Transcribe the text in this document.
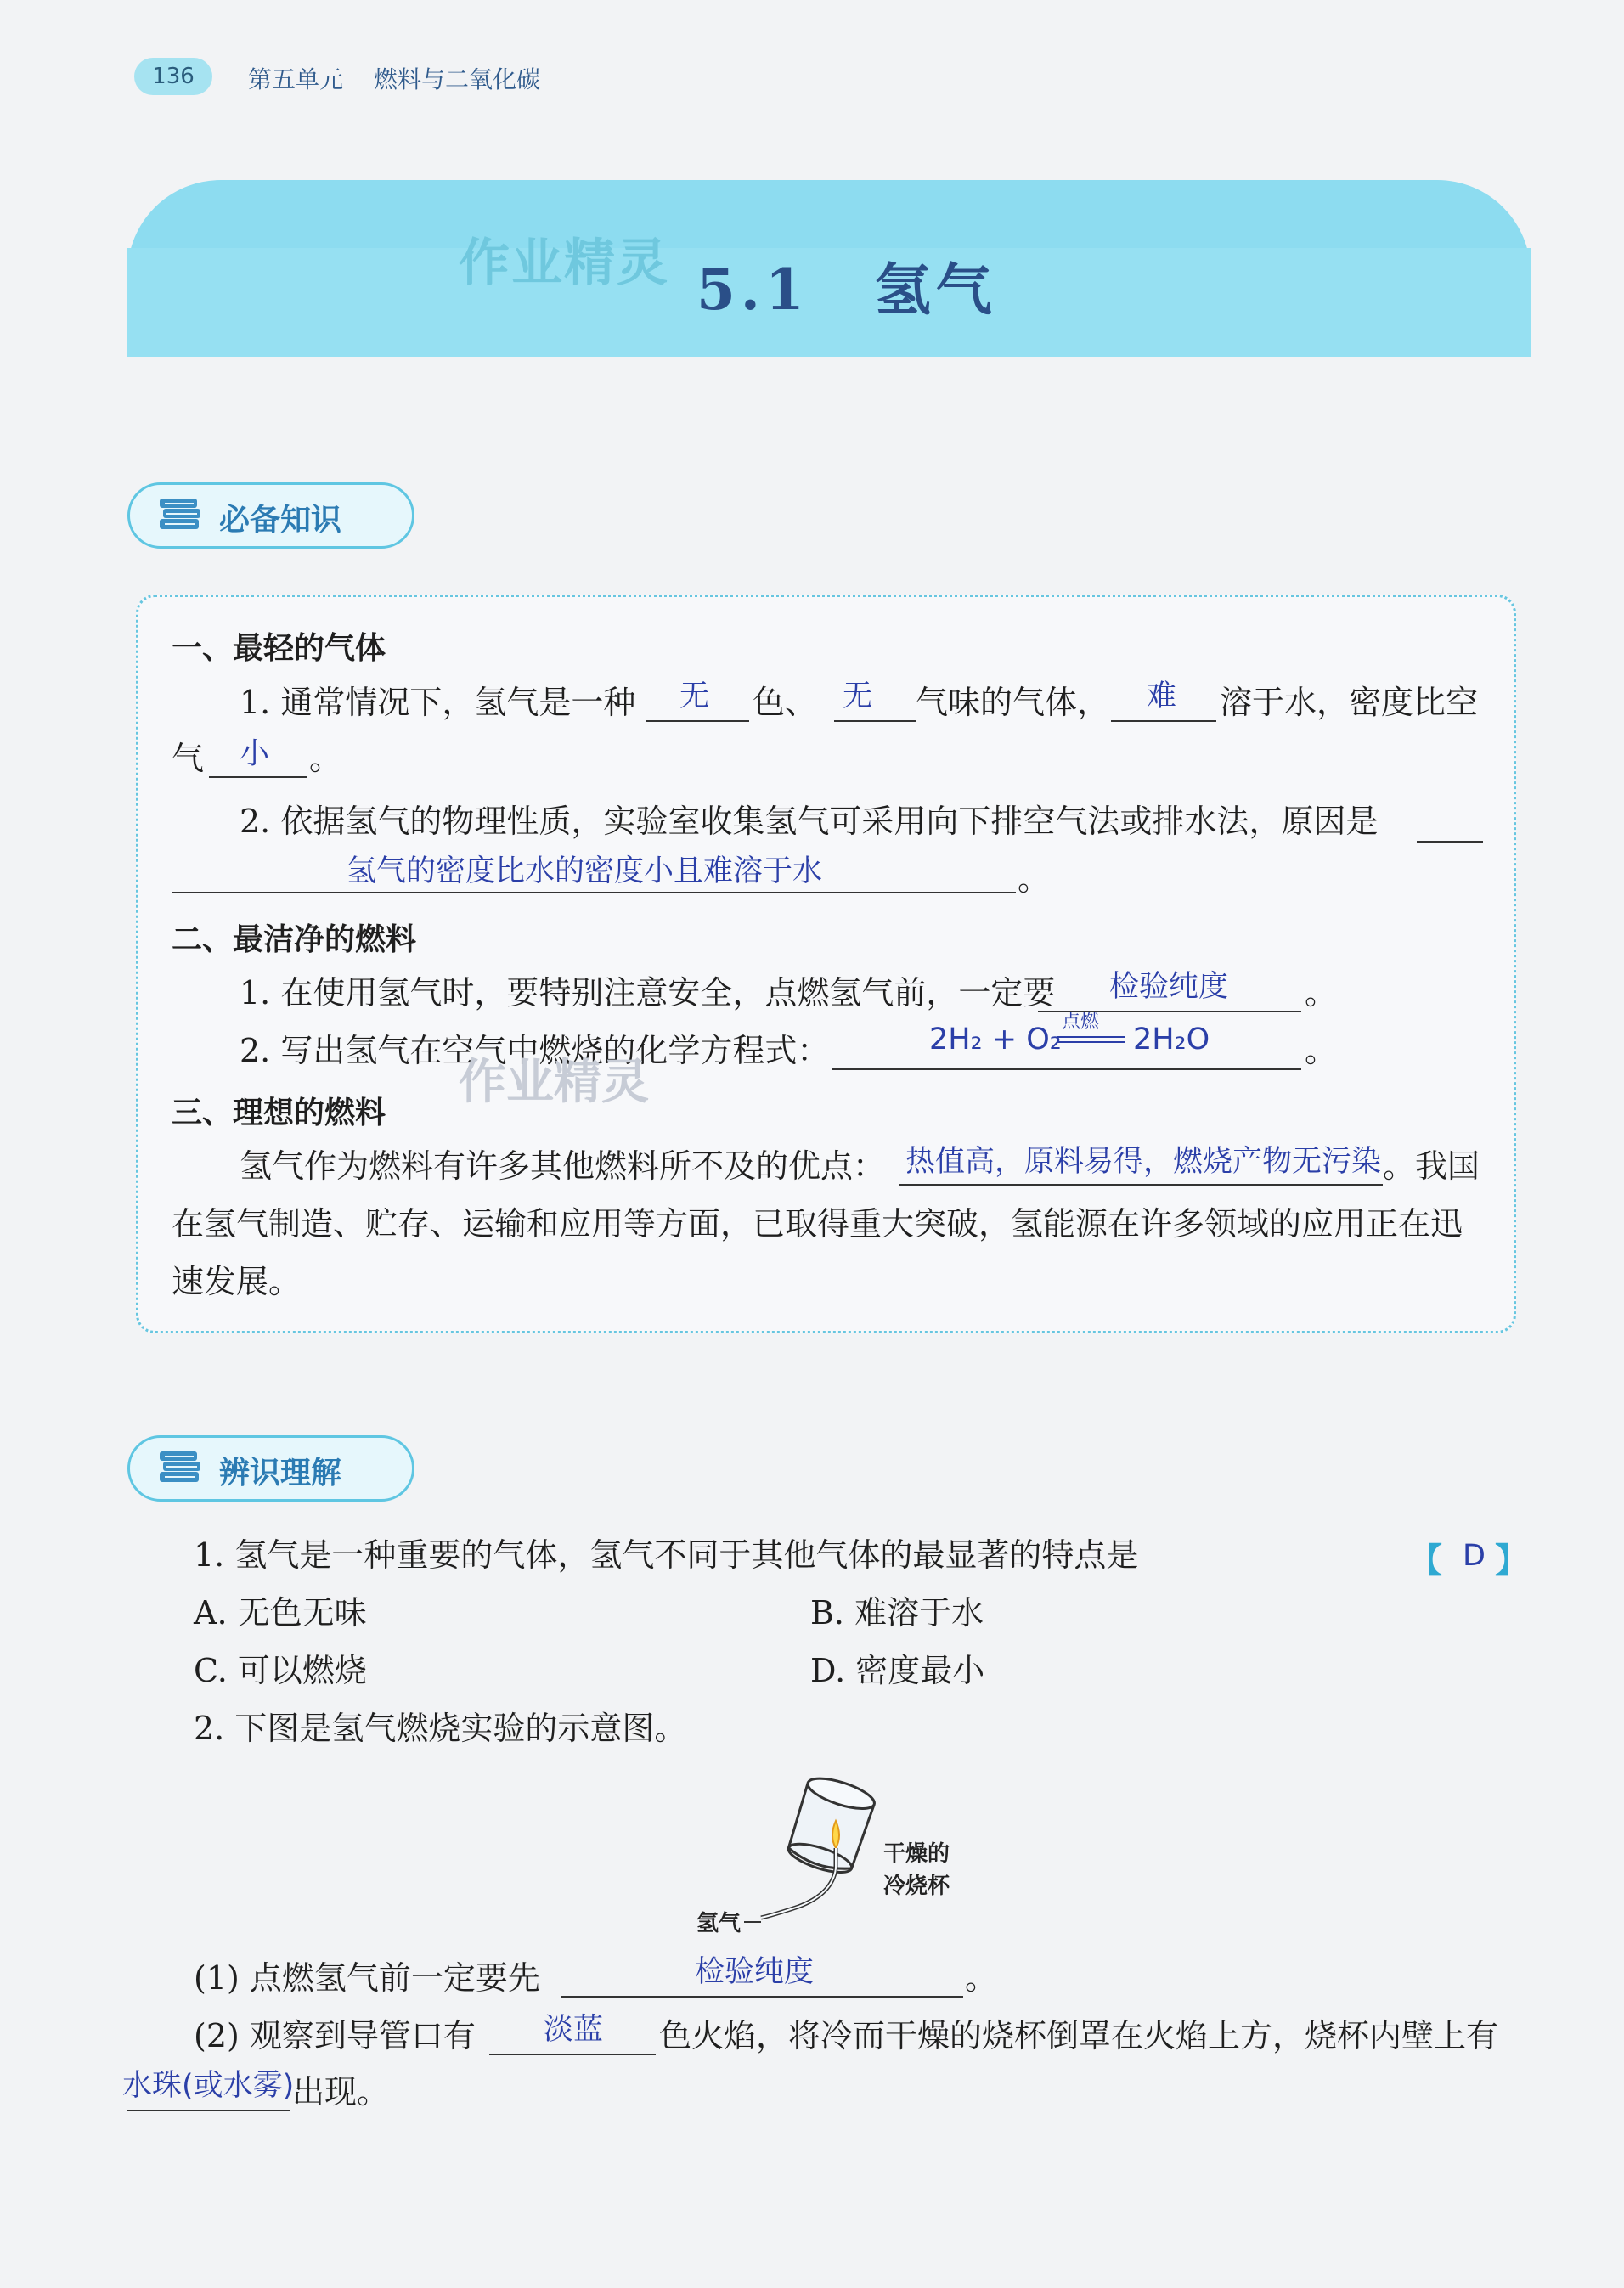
136	第五单元 燃料与二氧化碳
作业精灵 5.1 氢气
必备知识
一、最轻的气体
1. 通常情况下，氢气是一种 无 色、 无 气味的气体， 难 溶于水，密度比空
气 小 。
2. 依据氢气的物理性质，实验室收集氢气可采用向下排空气法或排水法，原因是
氢气的密度比水的密度小且难溶于水	。
二、最洁净的燃料
1. 在使用氢气时，要特别注意安全，点燃氢气前，一定要 检验纯度 。
2. 写出氢气在空气中燃烧的化学方程式：	2H₂ + O₂
点燃
2H₂O	。
作业精灵
三、理想的燃料
氢气作为燃料有许多其他燃料所不及的优点： 热值高，原料易得，燃烧产物无污染 。我国
在氢气制造、贮存、运输和应用等方面，已取得重大突破，氢能源在许多领域的应用正在迅
速发展。
辨识理解
1. 氢气是一种重要的气体，氢气不同于其他气体的最显著的特点是	【 D 】
A. 无色无味	B. 难溶于水
C. 可以燃烧	D. 密度最小
2. 下图是氢气燃烧实验的示意图。
干燥的
冷烧杯
氢气
(1) 点燃氢气前一定要先	检验纯度	。
(2) 观察到导管口有 淡蓝 色火焰，将冷而干燥的烧杯倒罩在火焰上方，烧杯内壁上有
水珠(或水雾)
出现。
